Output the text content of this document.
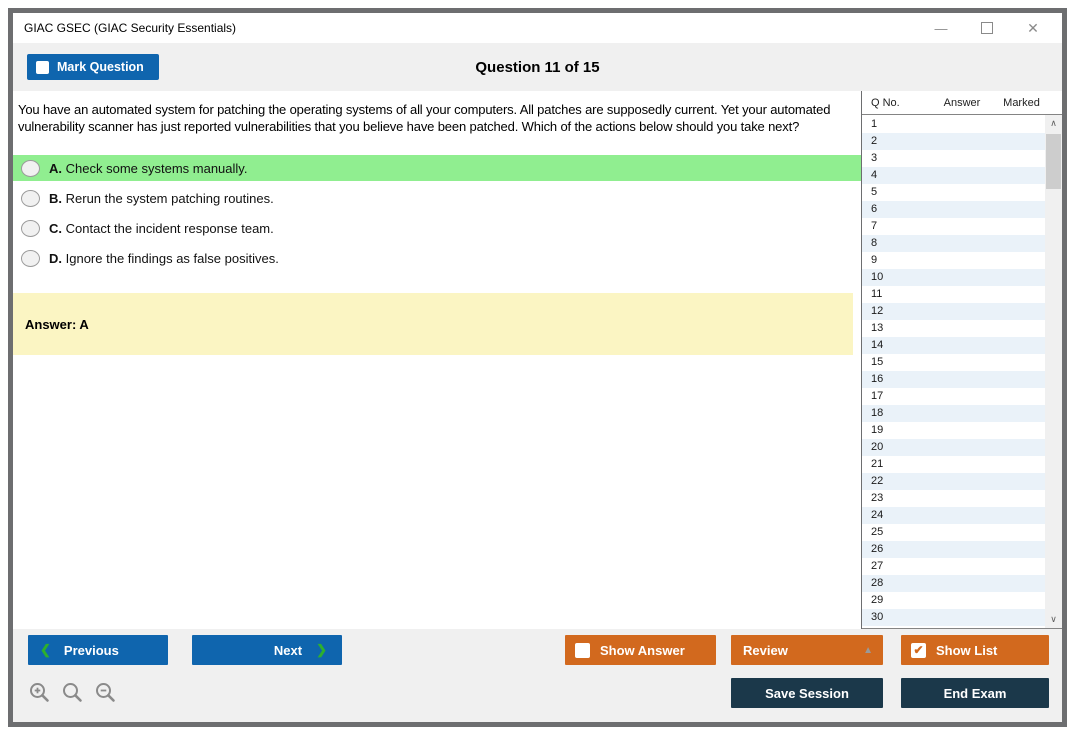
GIAC GSEC (GIAC Security Essentials)	—	✕
Mark Question	Question 11 of 15
You have an automated system for patching the operating systems of all your computers. All patches are supposedly current. Yet your automated vulnerability scanner has just reported vulnerabilities that you believe have been patched. Which of the actions below should you take next?
A. Check some systems manually.
B. Rerun the system patching routines.
C. Contact the incident response team.
D. Ignore the findings as false positives.
Answer: A
Q No.	Answer	Marked
1
2
3
4
5
6
7
8
9
10
11
12
13
14
15
16
17
18
19
20
21
22
23
24
25
26
27
28
29
30
∧
∨
❮ Previous	Next ❯	Show Answer	Review	▲	✔ Show List
Save Session	End Exam
